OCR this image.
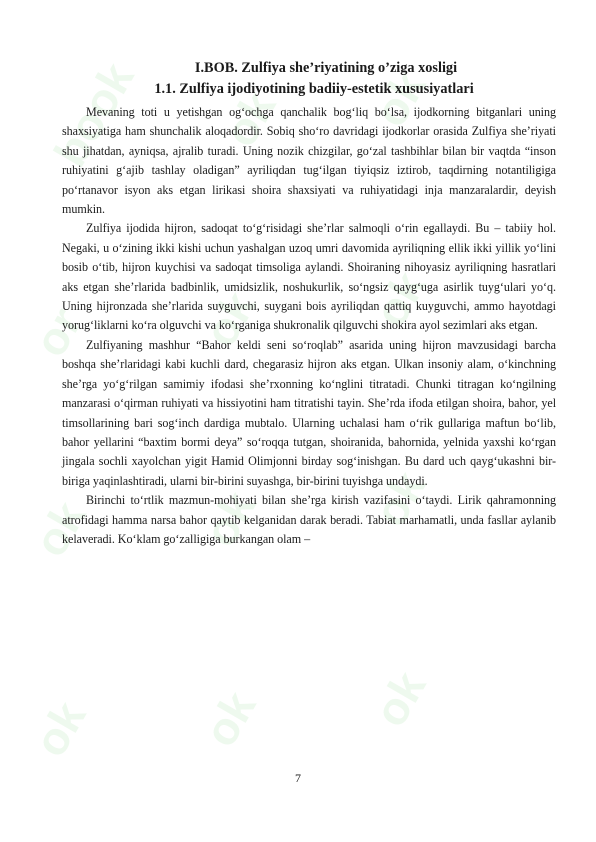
book ok ok
or ok ok
ok ok ok
ok ok ok
I.BOB. Zulfiya she’riyatining o’ziga xosligi
1.1. Zulfiya ijodiyotining badiiy-estetik xususiyatlari

Mevaning toti u yetishgan og‘ochga qanchalik bog‘liq bo‘lsa, ijodkorning bitganlari uning shaxsiyatiga ham shunchalik aloqadordir. Sobiq sho‘ro davridagi ijodkorlar orasida Zulfiya she’riyati shu jihatdan, ayniqsa, ajralib turadi. Uning nozik chizgilar, go‘zal tashbihlar bilan bir vaqtda “inson ruhiyatini g‘ajib tashlay oladigan” ayriliqdan tug‘ilgan tiyiqsiz iztirob, taqdirning notantiligiga po‘rtanavor isyon aks etgan lirikasi shoira shaxsiyati va ruhiyatidagi inja manzaralardir, deyish mumkin.

Zulfiya ijodida hijron, sadoqat to‘g‘risidagi she’rlar salmoqli o‘rin egallaydi. Bu – tabiiy hol. Negaki, u o‘zining ikki kishi uchun yashalgan uzoq umri davomida ayriliqning ellik ikki yillik yo‘lini bosib o‘tib, hijron kuychisi va sadoqat timsoliga aylandi. Shoiraning nihoyasiz ayriliqning hasratlari aks etgan she’rlarida badbinlik, umidsizlik, noshukurlik, so‘ngsiz qayg‘uga asirlik tuyg‘ulari yo‘q. Uning hijronzada she’rlarida suyguvchi, suygani bois ayriliqdan qattiq kuyguvchi, ammo hayotdagi yorug‘liklarni ko‘ra olguvchi va ko‘rganiga shukronalik qilguvchi shokira ayol sezimlari aks etgan.

Zulfiyaning mashhur “Bahor keldi seni so‘roqlab” asarida uning hijron mavzusidagi barcha boshqa she’rlaridagi kabi kuchli dard, chegarasiz hijron aks etgan. Ulkan insoniy alam, o‘kinchning she’rga yo‘g‘rilgan samimiy ifodasi she’rxonning ko‘nglini titratadi. Chunki titragan ko‘ngilning manzarasi o‘qirman ruhiyati va hissiyotini ham titratishi tayin. She’rda ifoda etilgan shoira, bahor, yel timsollarining bari sog‘inch dardiga mubtalo. Ularning uchalasi ham o‘rik gullariga maftun bo‘lib, bahor yellarini “baxtim bormi deya” so‘roqqa tutgan, shoiranida, bahornida, yelnida yaxshi ko‘rgan jingala sochli xayolchan yigit Hamid Olimjonni birday sog‘inishgan. Bu dard uch qayg‘ukashni bir-biriga yaqinlashtiradi, ularni bir-birini suyashga, bir-birini tuyishga undaydi.

Birinchi to‘rtlik mazmun-mohiyati bilan she’rga kirish vazifasini o‘taydi. Lirik qahramonning atrofidagi hamma narsa bahor qaytib kelganidan darak beradi. Tabiat marhamatli, unda fasllar aylanib kelaveradi. Ko‘klam go‘zalligiga burkangan olam –

7
